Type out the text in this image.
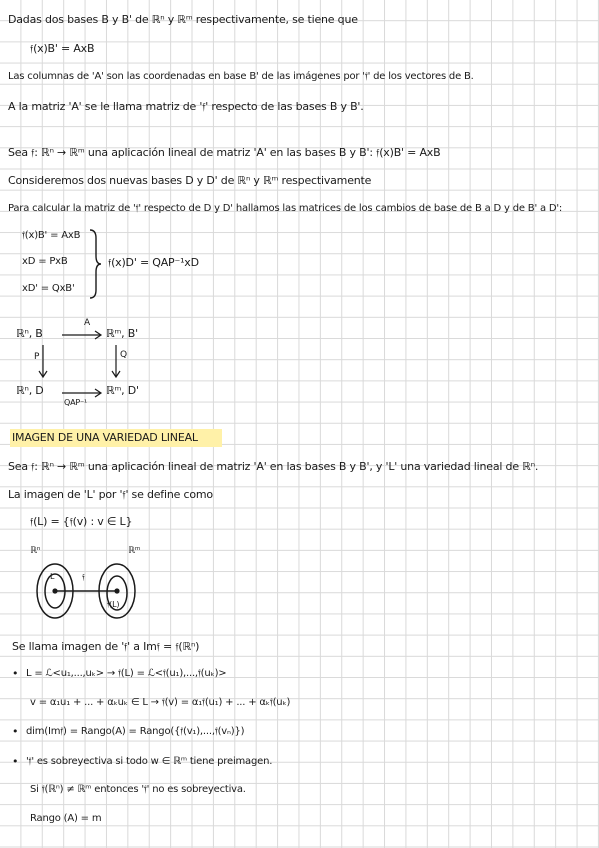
Dadas dos bases B y B' de ℝⁿ y ℝᵐ respectivamente, se tiene que

𝔣(x)B' = AxB

Las columnas de 'A' son las coordenadas en base B' de las imágenes por '𝔣' de los vectores de B.

A la matriz 'A' se le llama matriz de '𝔣' respecto de las bases B y B'.

Sea 𝔣: ℝⁿ → ℝᵐ una aplicación lineal de matriz 'A' en las bases B y B': 𝔣(x)B' = AxB

Consideremos dos nuevas bases D y D' de ℝⁿ y ℝᵐ respectivamente

Para calcular la matriz de '𝔣' respecto de D y D' hallamos las matrices de los cambios de base de B a D y de B' a D':

𝔣(x)B' = AxB

xD = PxB

xD' = QxB'

𝔣(x)D' = QAP⁻¹xD

ℝⁿ, B	ℝᵐ, B'

ℝⁿ, D	ℝᵐ, D'

A

P	Q

QAP⁻¹

IMAGEN DE UNA VARIEDAD LINEAL

Sea 𝔣: ℝⁿ → ℝᵐ una aplicación lineal de matriz 'A' en las bases B y B', y 'L' una variedad lineal de ℝⁿ.

La imagen de 'L' por '𝔣' se define como

𝔣(L) = {𝔣(v) : v ∈ L}

ℝⁿ	ℝᵐ

L	𝔣

𝔣(L)

Se llama imagen de '𝔣' a Im𝔣 = 𝔣(ℝⁿ)

• L = ℒ<u₁,...,uₖ> → 𝔣(L) = ℒ<𝔣(u₁),...,𝔣(uₖ)>

v = α₁u₁ + ... + αₖuₖ ∈ L → 𝔣(v) = α₁𝔣(u₁) + ... + αₖ𝔣(uₖ)

• dim(Im𝔣) = Rango(A) = Rango({𝔣(v₁),...,𝔣(vₙ)})

• '𝔣' es sobreyectiva si todo w ∈ ℝᵐ tiene preimagen.

Si 𝔣(ℝⁿ) ≠ ℝᵐ entonces '𝔣' no es sobreyectiva.

Rango (A) = m
